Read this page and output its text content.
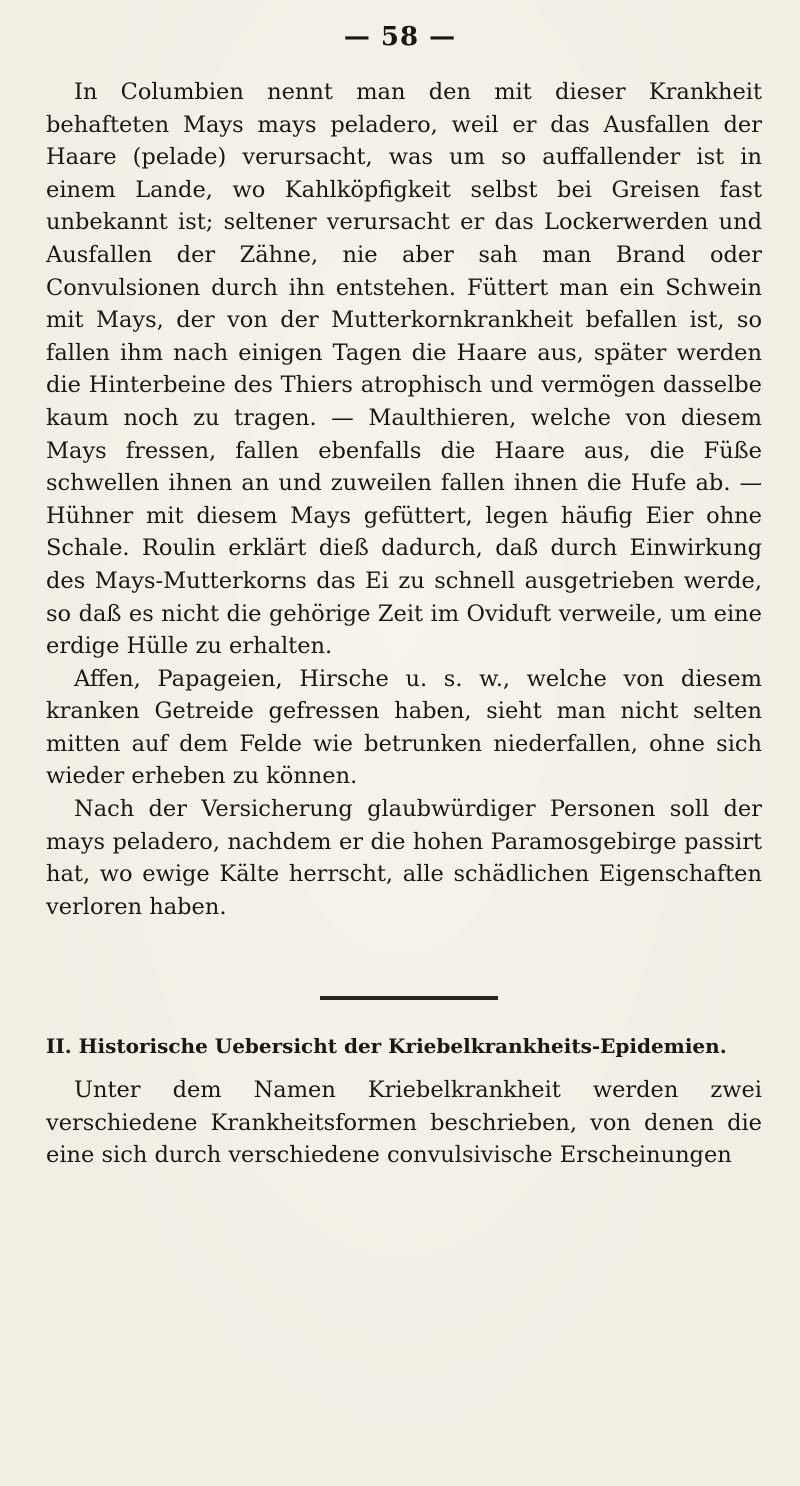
— 58 —

In Columbien nennt man den mit dieser Krankheit behafteten Mays mays peladero, weil er das Ausfallen der Haare (pelade) verursacht, was um so auffallender ist in einem Lande, wo Kahlköpfigkeit selbst bei Greisen fast unbekannt ist; seltener verursacht er das Lockerwerden und Ausfallen der Zähne, nie aber sah man Brand oder Convulsionen durch ihn entstehen. Füttert man ein Schwein mit Mays, der von der Mutterkornkrankheit befallen ist, so fallen ihm nach einigen Tagen die Haare aus, später werden die Hinterbeine des Thiers atrophisch und vermögen dasselbe kaum noch zu tragen. — Maulthieren, welche von diesem Mays fressen, fallen ebenfalls die Haare aus, die Füße schwellen ihnen an und zuweilen fallen ihnen die Hufe ab. — Hühner mit diesem Mays gefüttert, legen häufig Eier ohne Schale. Roulin erklärt dieß dadurch, daß durch Einwirkung des Mays-Mutterkorns das Ei zu schnell ausgetrieben werde, so daß es nicht die gehörige Zeit im Oviduft verweile, um eine erdige Hülle zu erhalten.

Affen, Papageien, Hirsche u. s. w., welche von diesem kranken Getreide gefressen haben, sieht man nicht selten mitten auf dem Felde wie betrunken niederfallen, ohne sich wieder erheben zu können.

Nach der Versicherung glaubwürdiger Personen soll der mays peladero, nachdem er die hohen Paramosgebirge passirt hat, wo ewige Kälte herrscht, alle schädlichen Eigenschaften verloren haben.

II. Historische Uebersicht der Kriebelkrankheits-Epidemien.

Unter dem Namen Kriebelkrankheit werden zwei verschiedene Krankheitsformen beschrieben, von denen die eine sich durch verschiedene convulsivische Erscheinungen
